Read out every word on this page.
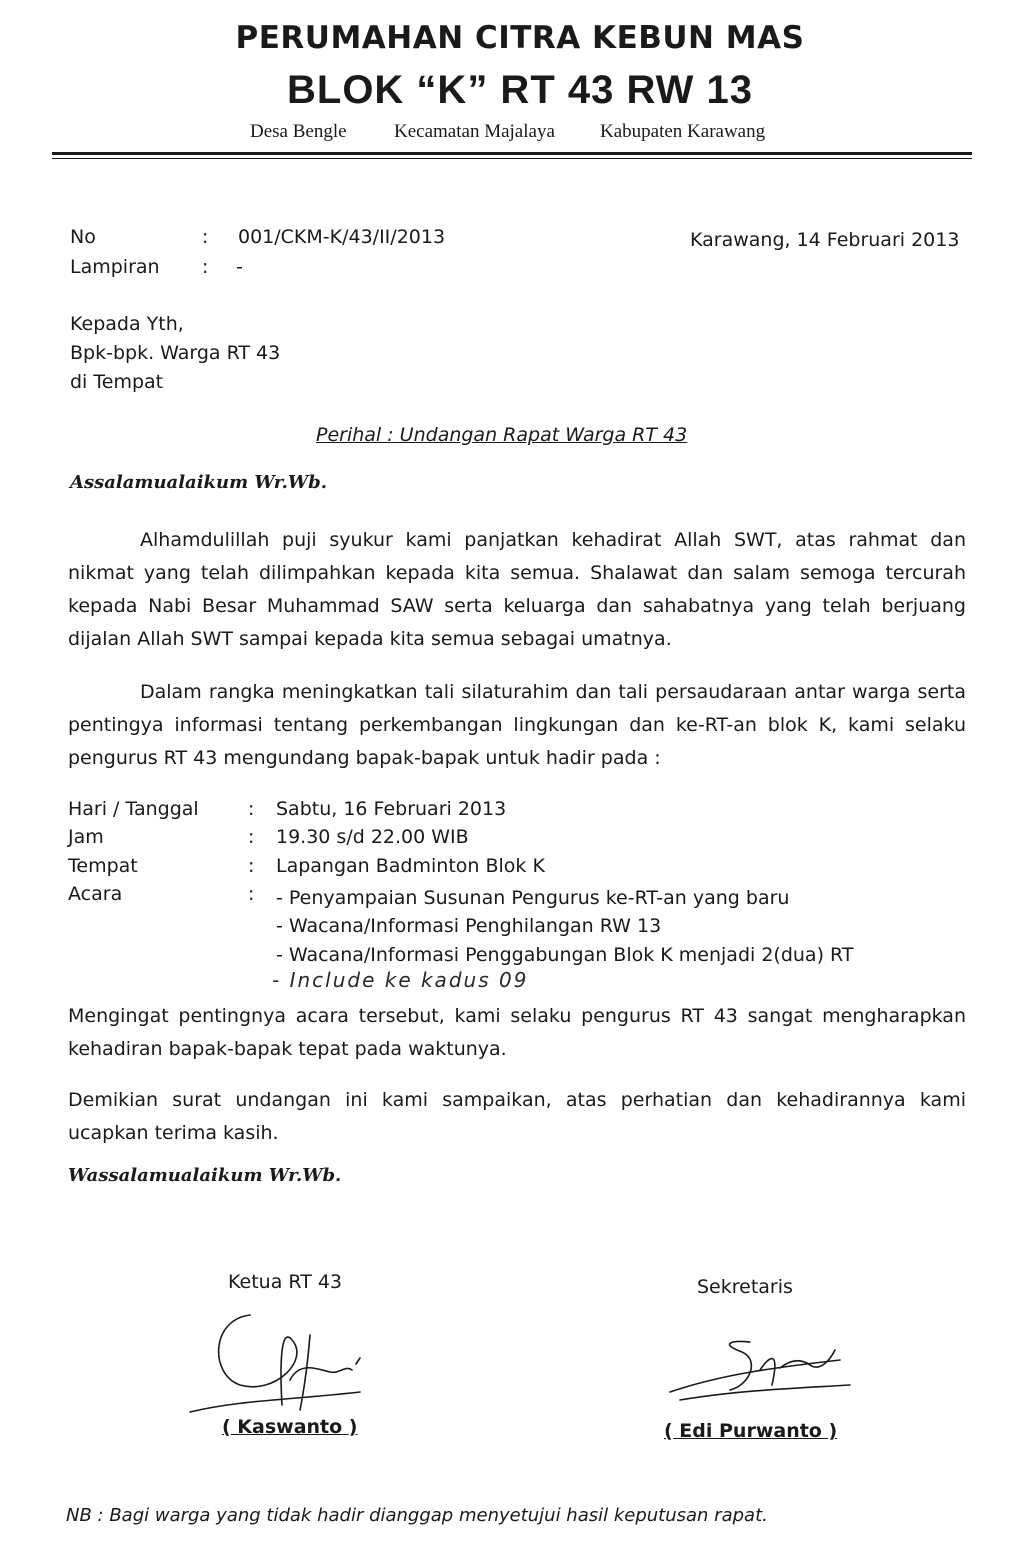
PERUMAHAN CITRA KEBUN MAS
BLOK “K” RT 43 RW 13
Desa Bengle Kecamatan Majalaya Kabupaten Karawang
No	: 001/CKM-K/43/II/2013	Karawang, 14 Februari 2013
Lampiran : -
Kepada Yth,
Bpk-bpk. Warga RT 43
di Tempat
Perihal : Undangan Rapat Warga RT 43
Assalamualaikum Wr.Wb.
Alhamdulillah puji syukur kami panjatkan kehadirat Allah SWT, atas rahmat dan
nikmat yang telah dilimpahkan kepada kita semua. Shalawat dan salam semoga tercurah
kepada Nabi Besar Muhammad SAW serta keluarga dan sahabatnya yang telah berjuang
dijalan Allah SWT sampai kepada kita semua sebagai umatnya.
Dalam rangka meningkatkan tali silaturahim dan tali persaudaraan antar warga serta
pentingya informasi tentang perkembangan lingkungan dan ke-RT-an blok K, kami selaku
pengurus RT 43 mengundang bapak-bapak untuk hadir pada :
Hari / Tanggal	: Sabtu, 16 Februari 2013
Jam	: 19.30 s/d 22.00 WIB
Tempat	: Lapangan Badminton Blok K
Acara	: - Penyampaian Susunan Pengurus ke-RT-an yang baru
- Wacana/Informasi Penghilangan RW 13
- Wacana/Informasi Penggabungan Blok K menjadi 2(dua) RT
- Include ke kadus 09
Mengingat pentingnya acara tersebut, kami selaku pengurus RT 43 sangat mengharapkan
kehadiran bapak-bapak tepat pada waktunya.
Demikian surat undangan ini kami sampaikan, atas perhatian dan kehadirannya kami
ucapkan terima kasih.
Wassalamualaikum Wr.Wb.
Ketua RT 43
( Kaswanto )
Sekretaris
( Edi Purwanto )
NB : Bagi warga yang tidak hadir dianggap menyetujui hasil keputusan rapat.
